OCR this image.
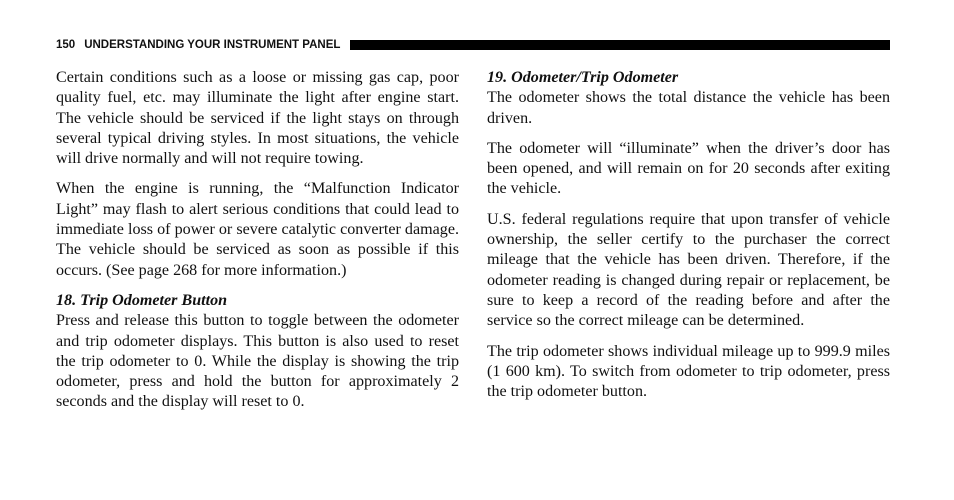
150 UNDERSTANDING YOUR INSTRUMENT PANEL

Certain conditions such as a loose or missing gas cap, poor quality fuel, etc. may illuminate the light after engine start. The vehicle should be serviced if the light stays on through several typical driving styles. In most situations, the vehicle will drive normally and will not require towing.

When the engine is running, the “Malfunction Indicator Light” may flash to alert serious conditions that could lead to immediate loss of power or severe catalytic converter damage. The vehicle should be serviced as soon as possible if this occurs. (See page 268 for more information.)

18. Trip Odometer Button

Press and release this button to toggle between the odometer and trip odometer displays. This button is also used to reset the trip odometer to 0. While the display is showing the trip odometer, press and hold the button for approximately 2 seconds and the display will reset to 0.

19. Odometer/Trip Odometer

The odometer shows the total distance the vehicle has been driven.

The odometer will “illuminate” when the driver’s door has been opened, and will remain on for 20 seconds after exiting the vehicle.

U.S. federal regulations require that upon transfer of vehicle ownership, the seller certify to the purchaser the correct mileage that the vehicle has been driven. Therefore, if the odometer reading is changed during repair or replacement, be sure to keep a record of the reading before and after the service so the correct mileage can be determined.

The trip odometer shows individual mileage up to 999.9 miles (1 600 km). To switch from odometer to trip odometer, press the trip odometer button.
